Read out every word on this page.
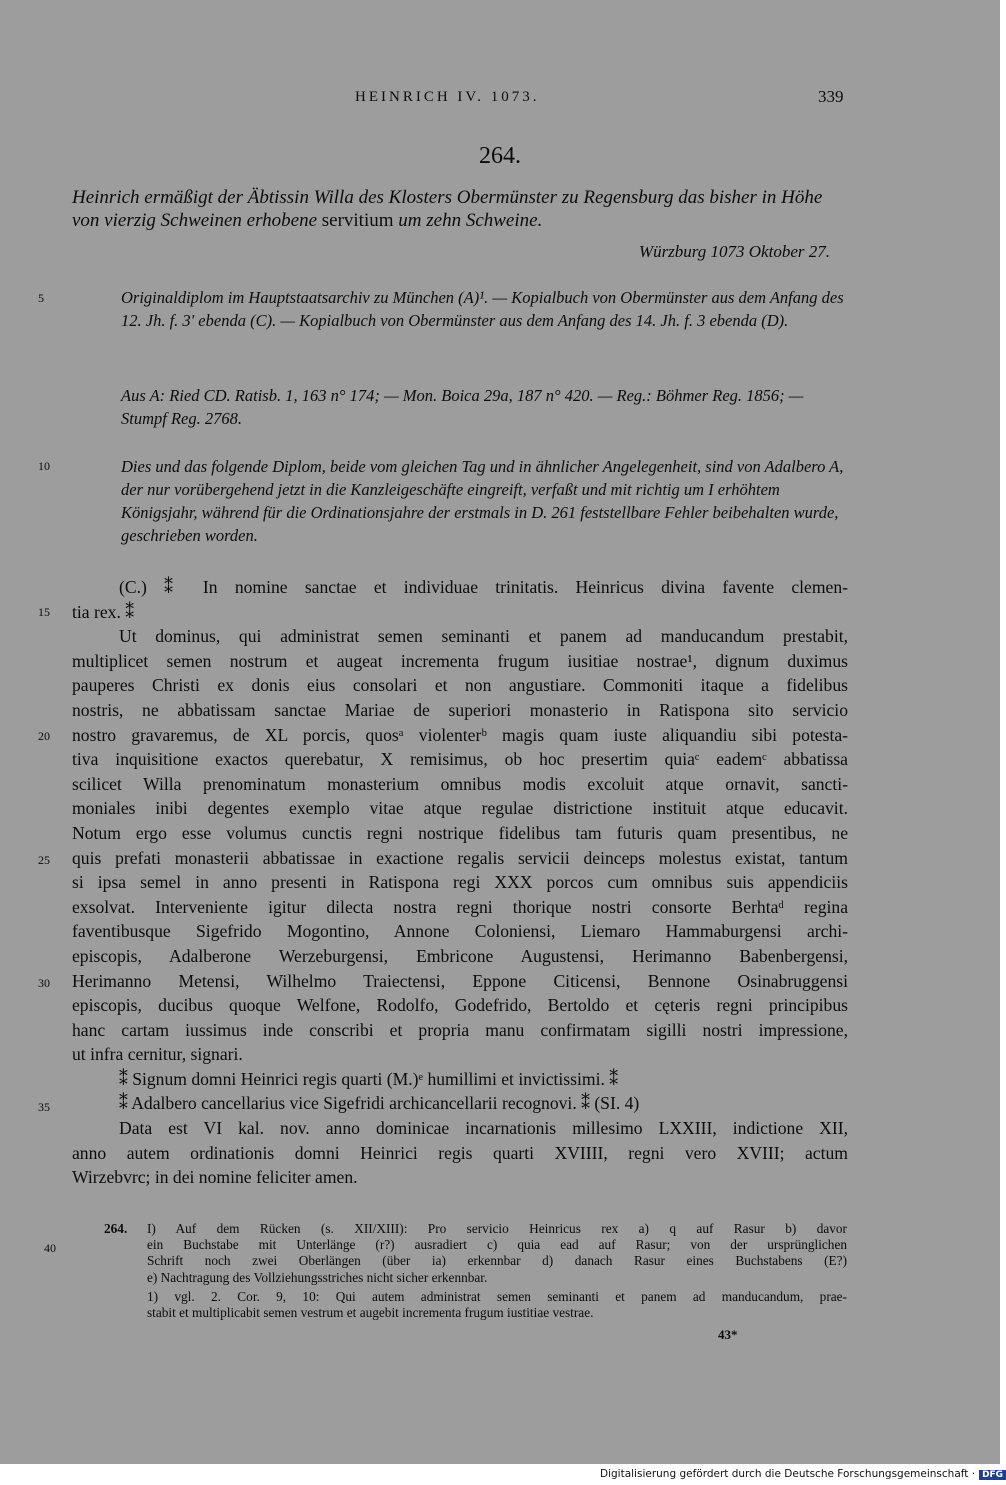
HEINRICH IV. 1073.	339
264.
Heinrich ermäßigt der Äbtissin Willa des Klosters Obermünster zu Regensburg das bisher in Höhe von vierzig Schweinen erhobene servitium um zehn Schweine.
Würzburg 1073 Oktober 27.
Originaldiplom im Hauptstaatsarchiv zu München (A)¹. — Kopialbuch von Obermünster aus dem Anfang des 12. Jh. f. 3' ebenda (C). — Kopialbuch von Obermünster aus dem Anfang des 14. Jh. f. 3 ebenda (D).
Aus A: Ried CD. Ratisb. 1, 163 n° 174; — Mon. Boica 29a, 187 n° 420. — Reg.: Böhmer Reg. 1856; — Stumpf Reg. 2768.
Dies und das folgende Diplom, beide vom gleichen Tag und in ähnlicher Angelegenheit, sind von Adalbero A, der nur vorübergehend jetzt in die Kanzleigeschäfte eingreift, verfaßt und mit richtig um I erhöhtem Königsjahr, während für die Ordinationsjahre der erstmals in D. 261 feststellbare Fehler beibehalten wurde, geschrieben worden.
5
10
15
20
25
30
35
40
(C.) ⁑ In nomine sanctae et individuae trinitatis. Heinricus divina favente clemen-
tia rex. ⁑
Ut dominus, qui administrat semen seminanti et panem ad manducandum prestabit,
multiplicet semen nostrum et augeat incrementa frugum iusitiae nostrae¹, dignum duximus
pauperes Christi ex donis eius consolari et non angustiare. Commoniti itaque a fidelibus
nostris, ne abbatissam sanctae Mariae de superiori monasterio in Ratispona sito servicio
nostro gravaremus, de XL porcis, quosᵃ violenterᵇ magis quam iuste aliquandiu sibi potesta-
tiva inquisitione exactos querebatur, X remisimus, ob hoc presertim quiaᶜ eademᶜ abbatissa
scilicet Willa prenominatum monasterium omnibus modis excoluit atque ornavit, sancti-
moniales inibi degentes exemplo vitae atque regulae districtione instituit atque educavit.
Notum ergo esse volumus cunctis regni nostrique fidelibus tam futuris quam presentibus, ne
quis prefati monasterii abbatissae in exactione regalis servicii deinceps molestus existat, tantum
si ipsa semel in anno presenti in Ratispona regi XXX porcos cum omnibus suis appendiciis
exsolvat. Interveniente igitur dilecta nostra regni thorique nostri consorte Berhtaᵈ regina
faventibusque Sigefrido Mogontino, Annone Coloniensi, Liemaro Hammaburgensi archi-
episcopis, Adalberone Werzeburgensi, Embricone Augustensi, Herimanno Babenbergensi,
Herimanno Metensi, Wilhelmo Traiectensi, Eppone Citicensi, Bennone Osinabruggensi
episcopis, ducibus quoque Welfone, Rodolfo, Godefrido, Bertoldo et cęteris regni principibus
hanc cartam iussimus inde conscribi et propria manu confirmatam sigilli nostri impressione,
ut infra cernitur, signari.
⁑ Signum domni Heinrici regis quarti (M.)ᵉ humillimi et invictissimi. ⁑
⁑ Adalbero cancellarius vice Sigefridi archicancellarii recognovi. ⁑ (SI. 4)
Data est VI kal. nov. anno dominicae incarnationis millesimo LXXIII, indictione XII,
anno autem ordinationis domni Heinrici regis quarti XVIIII, regni vero XVIII; actum
Wirzebvrc; in dei nomine feliciter amen.
264. I) Auf dem Rücken (s. XII/XIII): Pro servicio Heinricus rex a) q auf Rasur b) davor
ein Buchstabe mit Unterlänge (r?) ausradiert c) quia ead auf Rasur; von der ursprünglichen
Schrift noch zwei Oberlängen (über ia) erkennbar d) danach Rasur eines Buchstabens (E?)
e) Nachtragung des Vollziehungsstriches nicht sicher erkennbar.
1) vgl. 2. Cor. 9, 10: Qui autem administrat semen seminanti et panem ad manducandum, prae-
stabit et multiplicabit semen vestrum et augebit incrementa frugum iustitiae vestrae.
43*
Digitalisierung gefördert durch die Deutsche Forschungsgemeinschaft · DFG
